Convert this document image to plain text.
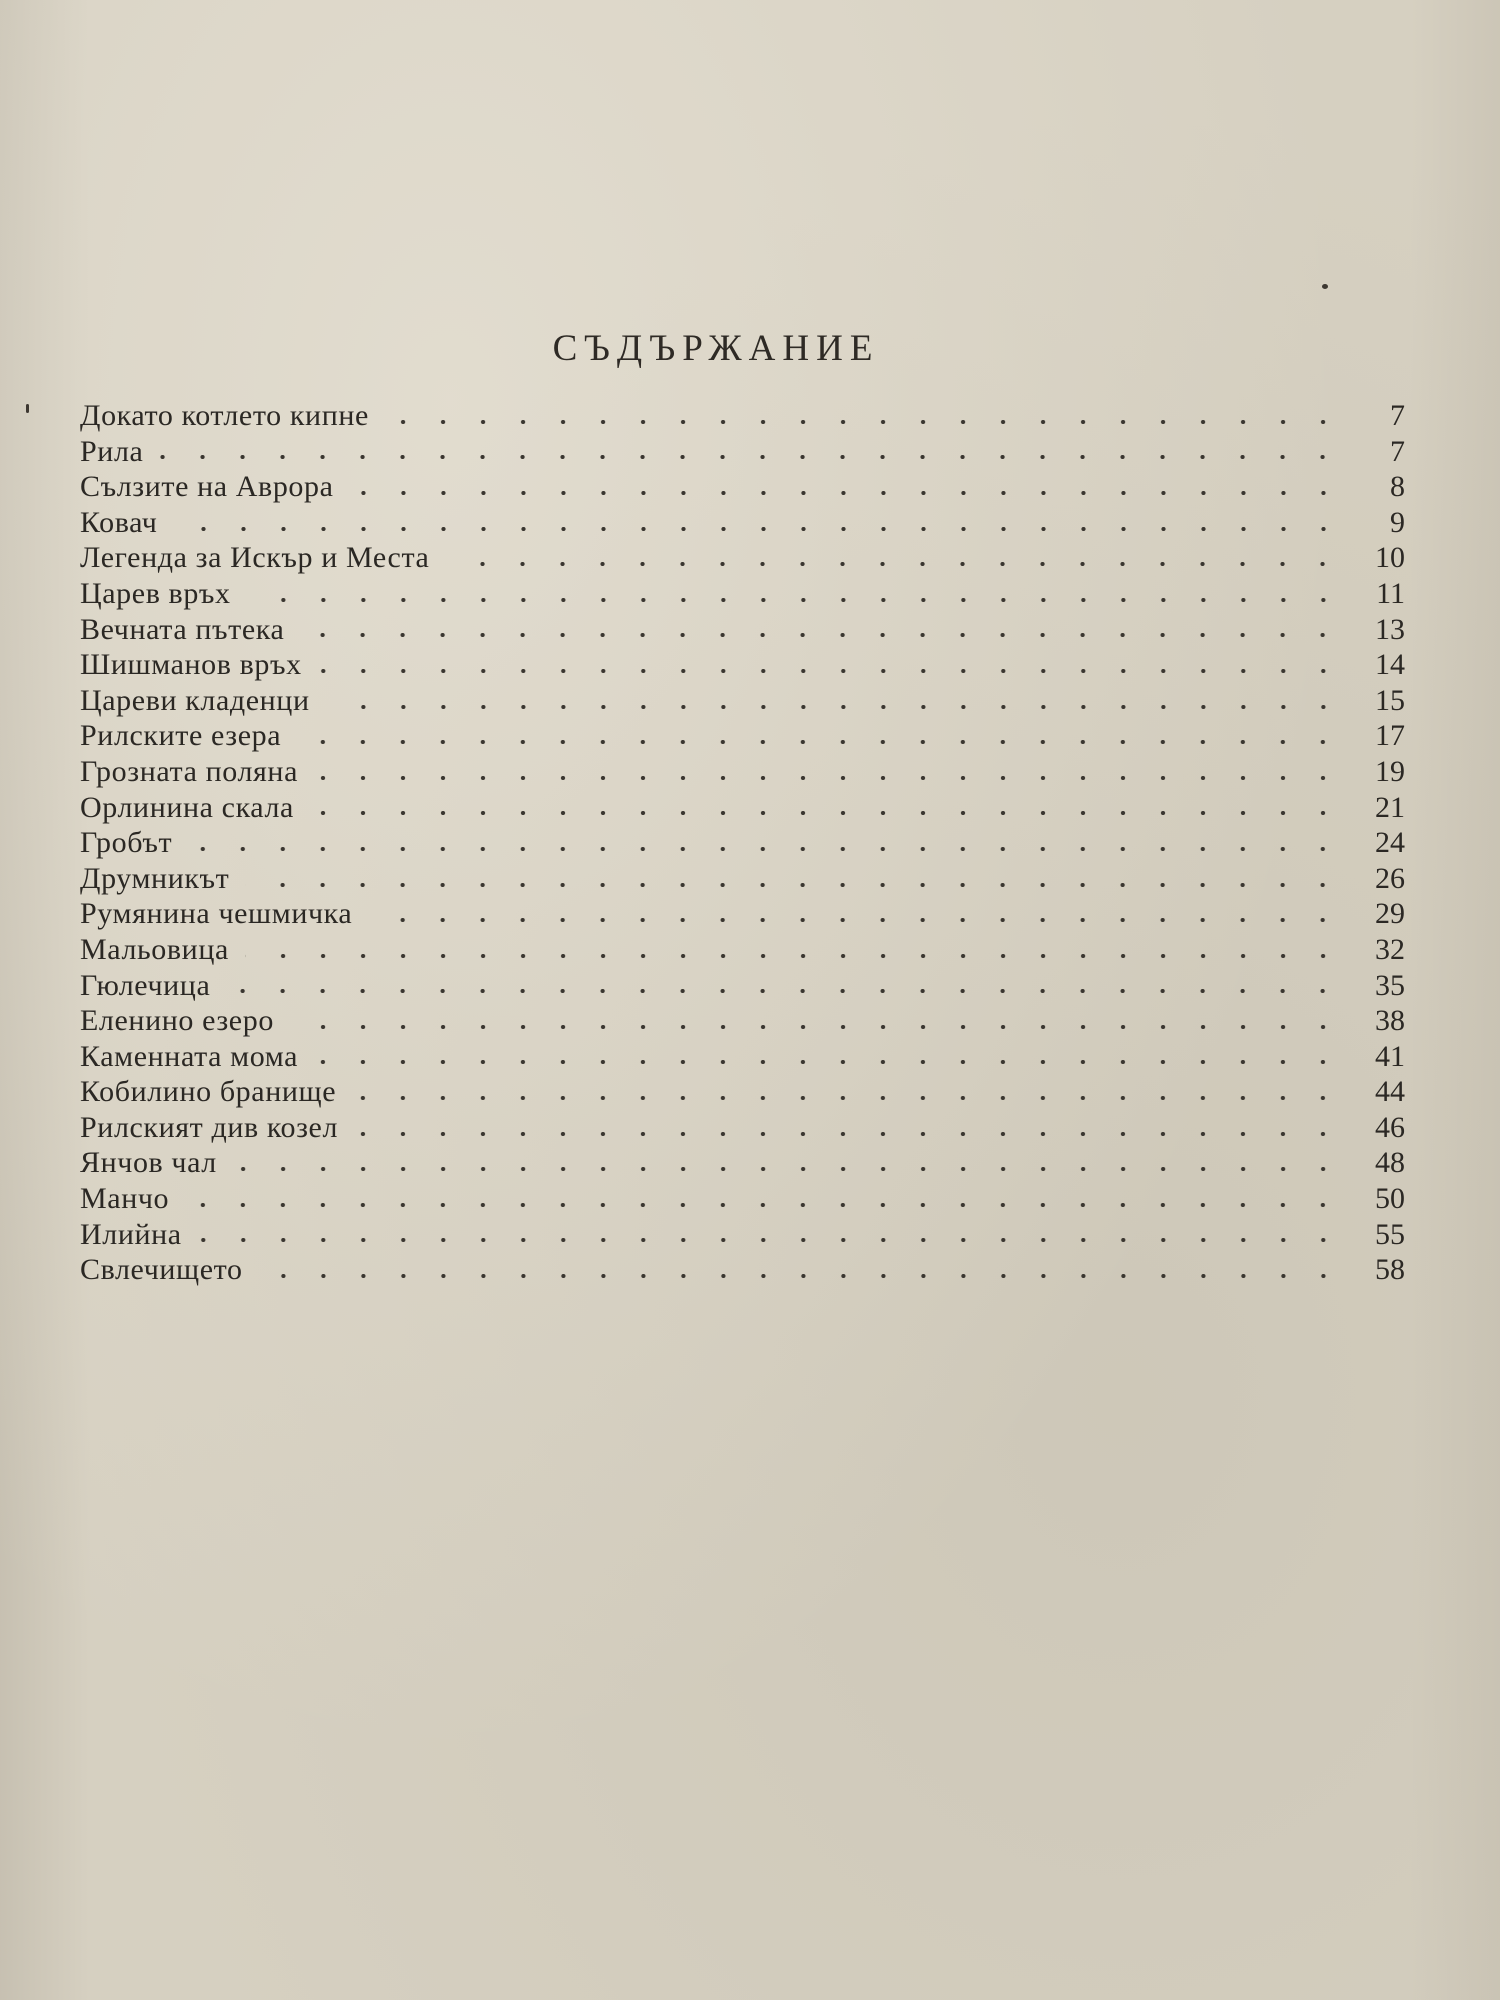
СЪДЪРЖАНИЕ
Докато котлето кипне	7
Рила	7
Сълзите на Аврора	8
Ковач	9
Легенда за Искър и Места	10
Царев връх	11
Вечната пътека	13
Шишманов връх	14
Цареви кладенци	15
Рилските езера	17
Грозната поляна	19
Орлинина скала	21
Гробът	24
Друмникът	26
Румянина чешмичка	29
Мальовица	32
Гюлечица	35
Еленино езеро	38
Каменната мома	41
Кобилино бранище	44
Рилският див козел	46
Янчов чал	48
Манчо	50
Илийна	55
Свлечището	58
